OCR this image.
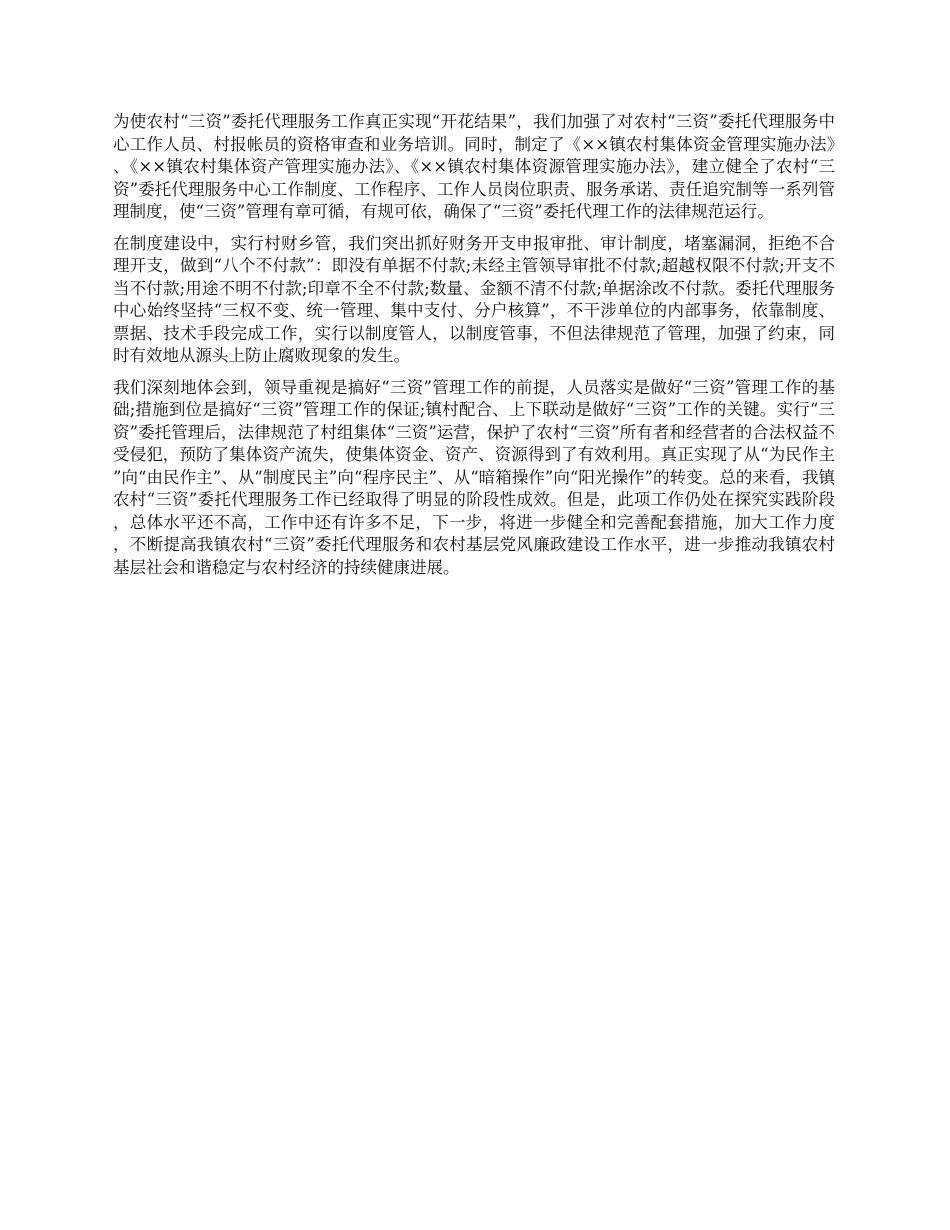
为使农村“三资”委托代理服务工作真正实现“开花结果”，我们加强了对农村“三资”委托代理服务中心工作人员、村报帐员的资格审查和业务培训。同时，制定了《××镇农村集体资金管理实施办法》、《××镇农村集体资产管理实施办法》、《××镇农村集体资源管理实施办法》，建立健全了农村“三资”委托代理服务中心工作制度、工作程序、工作人员岗位职责、服务承诺、责任追究制等一系列管理制度，使“三资”管理有章可循，有规可依，确保了“三资”委托代理工作的法律规范运行。

在制度建设中，实行村财乡管，我们突出抓好财务开支申报审批、审计制度，堵塞漏洞，拒绝不合理开支，做到“八个不付款”：即没有单据不付款;未经主管领导审批不付款;超越权限不付款;开支不当不付款;用途不明不付款;印章不全不付款;数量、金额不清不付款;单据涂改不付款。委托代理服务中心始终坚持“三权不变、统一管理、集中支付、分户核算”，不干涉单位的内部事务，依靠制度、票据、技术手段完成工作，实行以制度管人，以制度管事，不但法律规范了管理，加强了约束，同时有效地从源头上防止腐败现象的发生。

我们深刻地体会到，领导重视是搞好“三资”管理工作的前提，人员落实是做好“三资”管理工作的基础;措施到位是搞好“三资”管理工作的保证;镇村配合、上下联动是做好“三资”工作的关键。实行“三资”委托管理后，法律规范了村组集体“三资”运营，保护了农村“三资”所有者和经营者的合法权益不受侵犯，预防了集体资产流失，使集体资金、资产、资源得到了有效利用。真正实现了从“为民作主”向“由民作主”、从“制度民主”向“程序民主”、从“暗箱操作”向“阳光操作”的转变。总的来看，我镇农村“三资”委托代理服务工作已经取得了明显的阶段性成效。但是，此项工作仍处在探究实践阶段，总体水平还不高，工作中还有许多不足，下一步，将进一步健全和完善配套措施，加大工作力度，不断提高我镇农村“三资”委托代理服务和农村基层党风廉政建设工作水平，进一步推动我镇农村基层社会和谐稳定与农村经济的持续健康进展。
